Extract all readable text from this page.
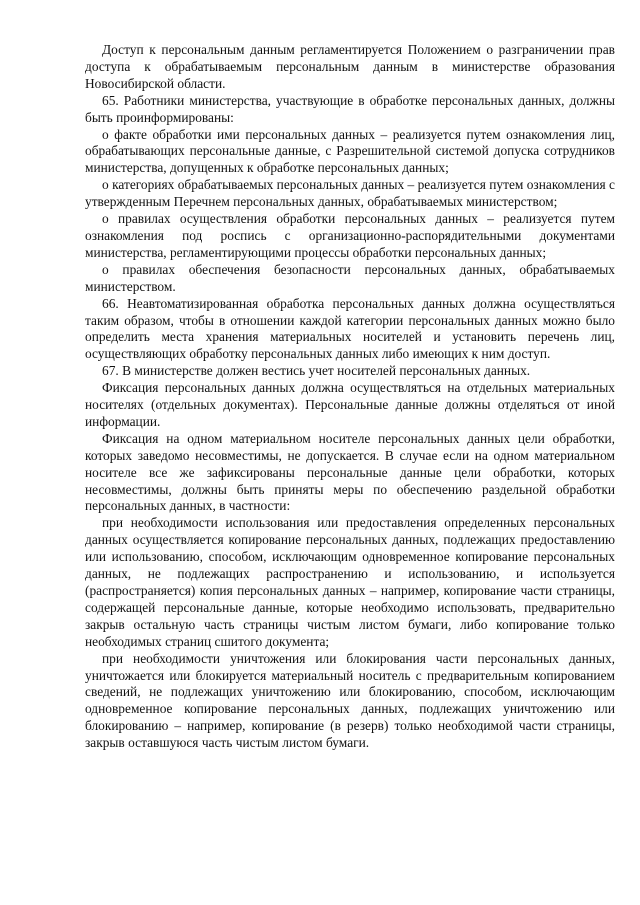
Доступ к персональным данным регламентируется Положением о разграничении прав доступа к обрабатываемым персональным данным в министерстве образования Новосибирской области.

65. Работники министерства, участвующие в обработке персональных данных, должны быть проинформированы:

о факте обработки ими персональных данных – реализуется путем ознакомления лиц, обрабатывающих персональные данные, с Разрешительной системой допуска сотрудников министерства, допущенных к обработке персональных данных;

о категориях обрабатываемых персональных данных – реализуется путем ознакомления с утвержденным Перечнем персональных данных, обрабатываемых министерством;

о правилах осуществления обработки персональных данных – реализуется путем ознакомления под роспись с организационно-распорядительными документами министерства, регламентирующими процессы обработки персональных данных;

о правилах обеспечения безопасности персональных данных, обрабатываемых министерством.

66. Неавтоматизированная обработка персональных данных должна осуществляться таким образом, чтобы в отношении каждой категории персональных данных можно было определить места хранения материальных носителей и установить перечень лиц, осуществляющих обработку персональных данных либо имеющих к ним доступ.

67. В министерстве должен вестись учет носителей персональных данных.

Фиксация персональных данных должна осуществляться на отдельных материальных носителях (отдельных документах). Персональные данные должны отделяться от иной информации.

Фиксация на одном материальном носителе персональных данных цели обработки, которых заведомо несовместимы, не допускается. В случае если на одном материальном носителе все же зафиксированы персональные данные цели обработки, которых несовместимы, должны быть приняты меры по обеспечению раздельной обработки персональных данных, в частности:

при необходимости использования или предоставления определенных персональных данных осуществляется копирование персональных данных, подлежащих предоставлению или использованию, способом, исключающим одновременное копирование персональных данных, не подлежащих распространению и использованию, и используется (распространяется) копия персональных данных – например, копирование части страницы, содержащей персональные данные, которые необходимо использовать, предварительно закрыв остальную часть страницы чистым листом бумаги, либо копирование только необходимых страниц сшитого документа;

при необходимости уничтожения или блокирования части персональных данных, уничтожается или блокируется материальный носитель с предварительным копированием сведений, не подлежащих уничтожению или блокированию, способом, исключающим одновременное копирование персональных данных, подлежащих уничтожению или блокированию – например, копирование (в резерв) только необходимой части страницы, закрыв оставшуюся часть чистым листом бумаги.
